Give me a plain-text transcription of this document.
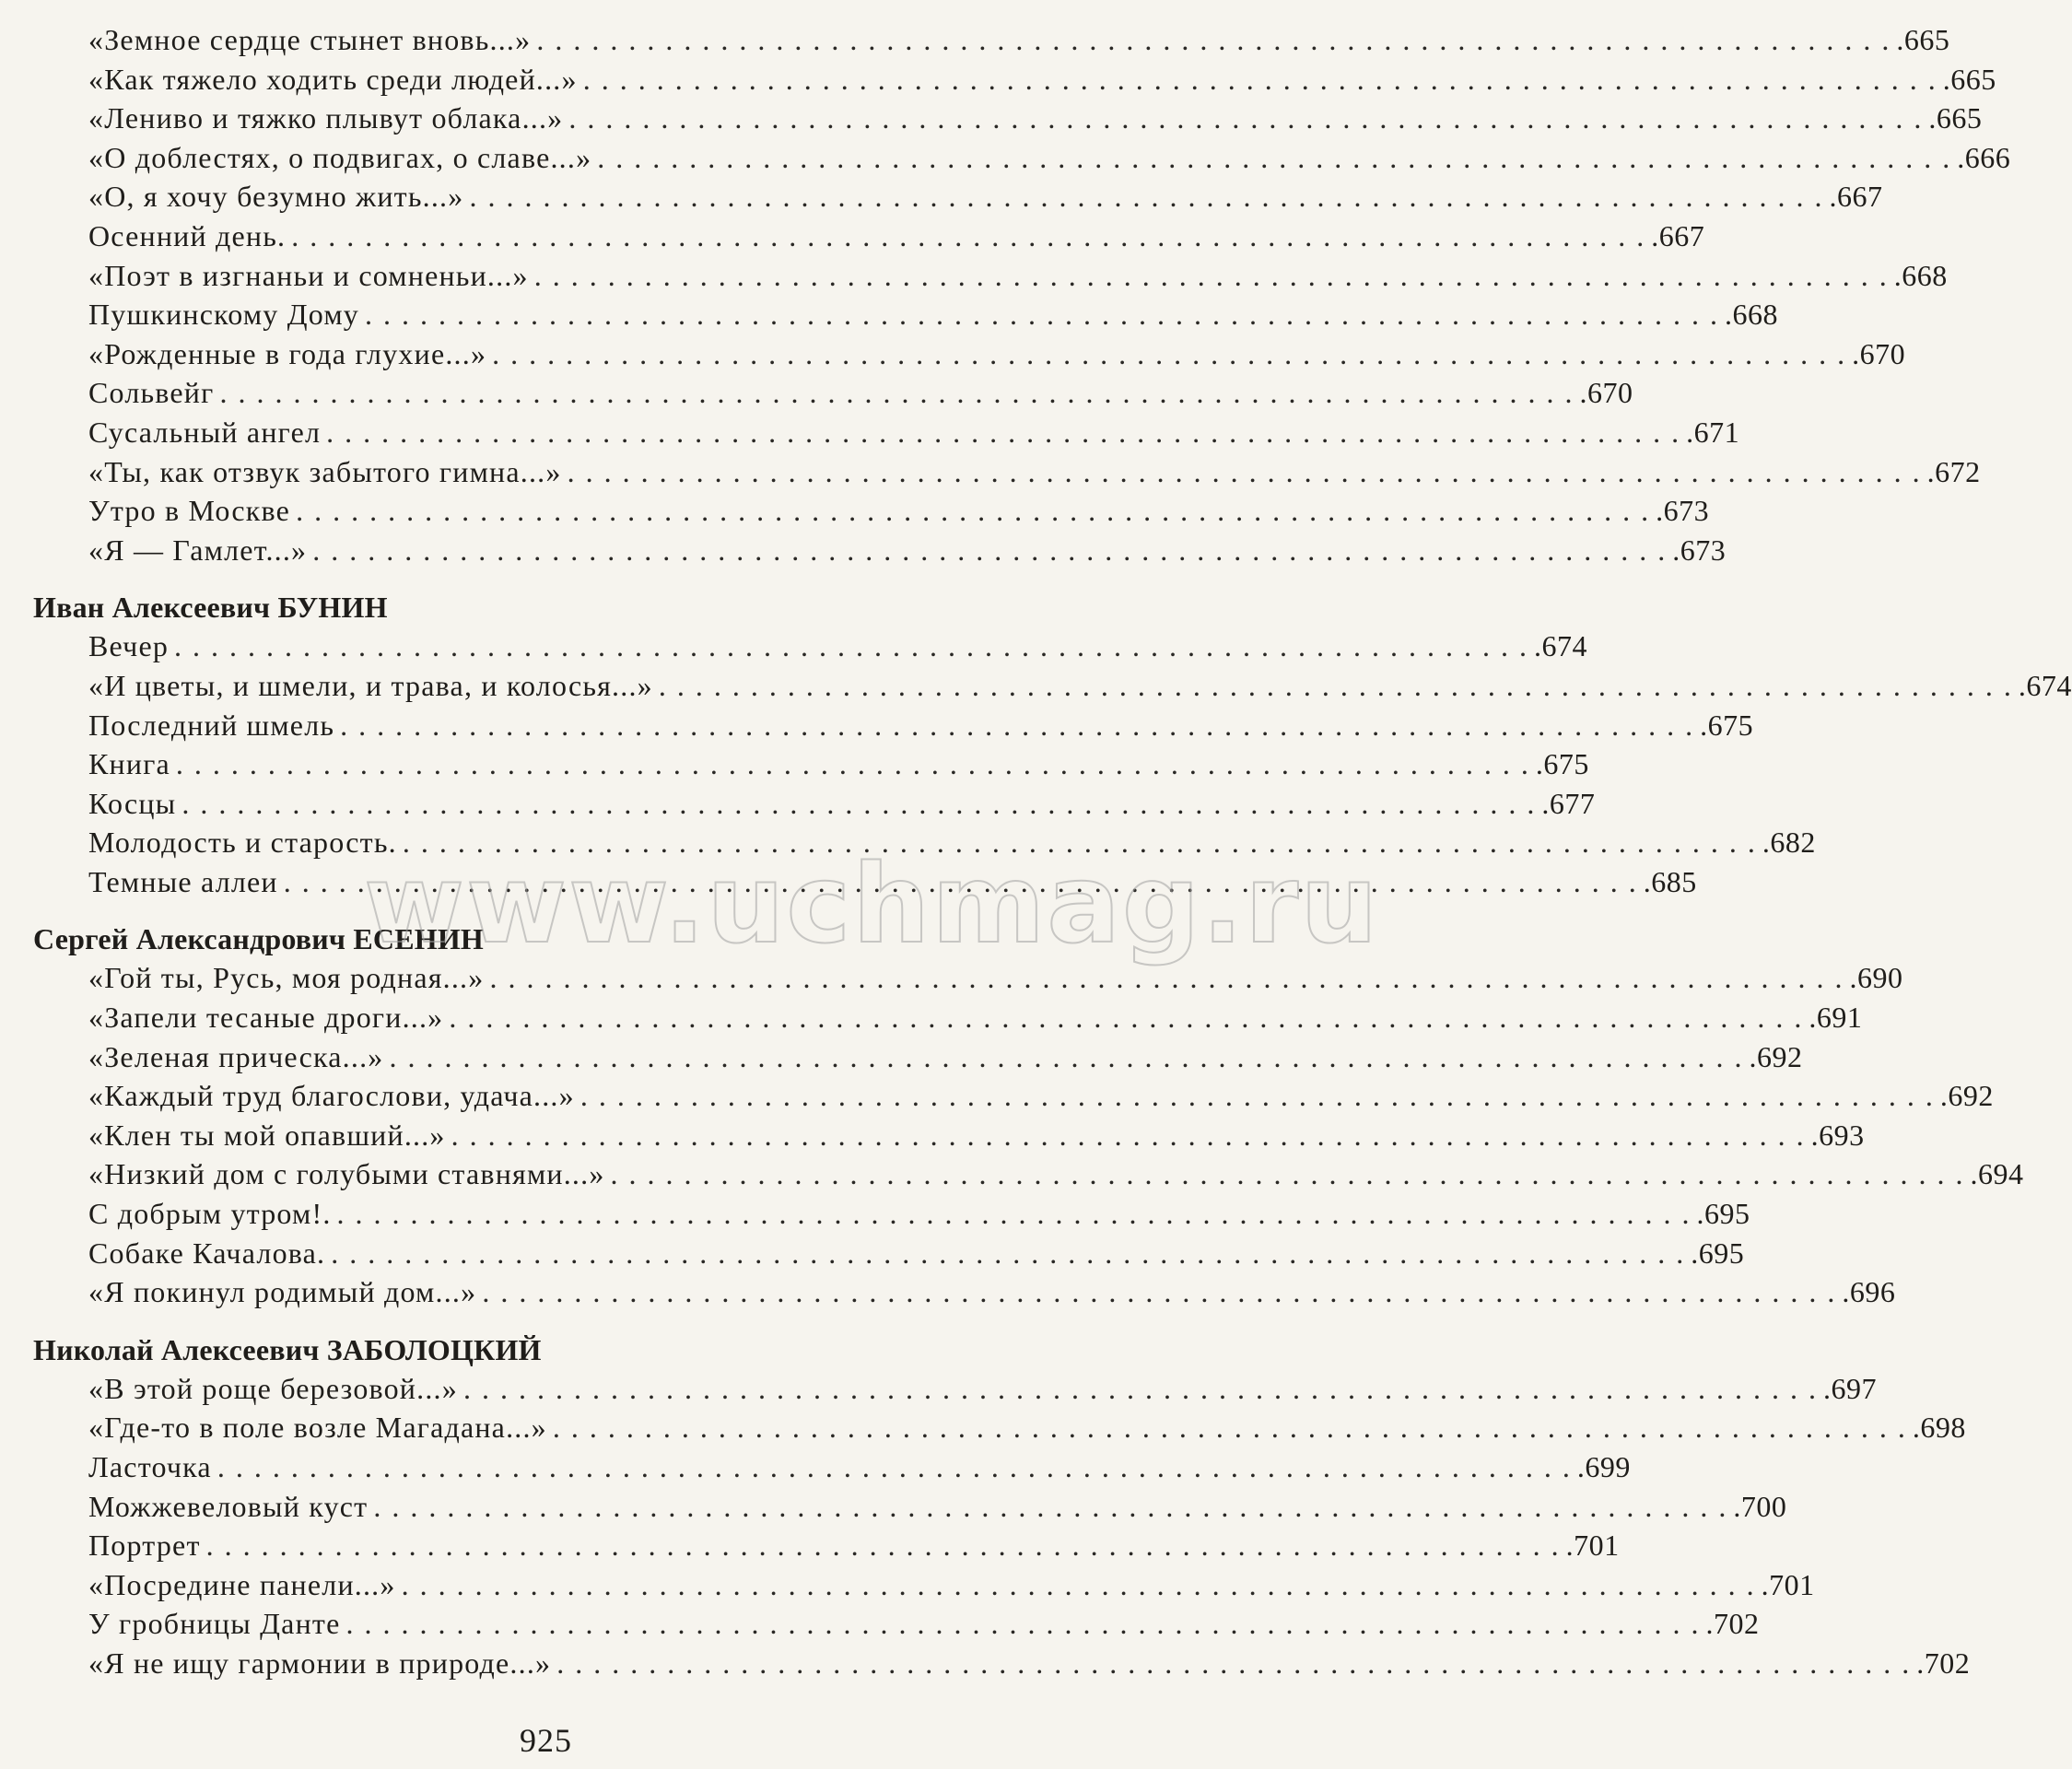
«Земное сердце стынет вновь...» . . .	.665
«Как тяжело ходить среди людей...» . . .	.665
«Лениво и тяжко плывут облака...» . . .	.665
«О доблестях, о подвигах, о славе...» . . .	.666
«О, я хочу безумно жить...» . . .	.667
Осенний день. . . .	.667
«Поэт в изгнаньи и сомненьи...» . . .	.668
Пушкинскому Дому . . .	.668
«Рожденные в года глухие...» . . .	.670
Сольвейг . . .	.670
Сусальный ангел . . .	.671
«Ты, как отзвук забытого гимна...» . . .	.672
Утро в Москве . . .	.673
«Я — Гамлет...» . . .	.673
Иван Алексеевич БУНИН
Вечер . . .	.674
«И цветы, и шмели, и трава, и колосья...» . . .	.674
Последний шмель . . .	.675
Книга . . .	.675
Косцы . . .	.677
Молодость и старость. . . .	.682
Темные аллеи . . .	.685
Сергей Александрович ЕСЕНИН
«Гой ты, Русь, моя родная...» . . .	.690
«Запели тесаные дроги...» . . .	.691
«Зеленая прическа...» . . .	.692
«Каждый труд благослови, удача...» . . .	.692
«Клен ты мой опавший...» . . .	.693
«Низкий дом с голубыми ставнями...» . . .	.694
С добрым утром!. . . .	.695
Собаке Качалова. . . .	.695
«Я покинул родимый дом...» . . .	.696
Николай Алексеевич ЗАБОЛОЦКИЙ
«В этой роще березовой...» . . .	.697
«Где-то в поле возле Магадана...» . . .	.698
Ласточка . . .	.699
Можжевеловый куст . . .	.700
Портрет . . .	.701
«Посредине панели...» . . .	.701
У гробницы Данте . . .	.702
«Я не ищу гармонии в природе...» . . .	.702
www.uchmag.ru
925
